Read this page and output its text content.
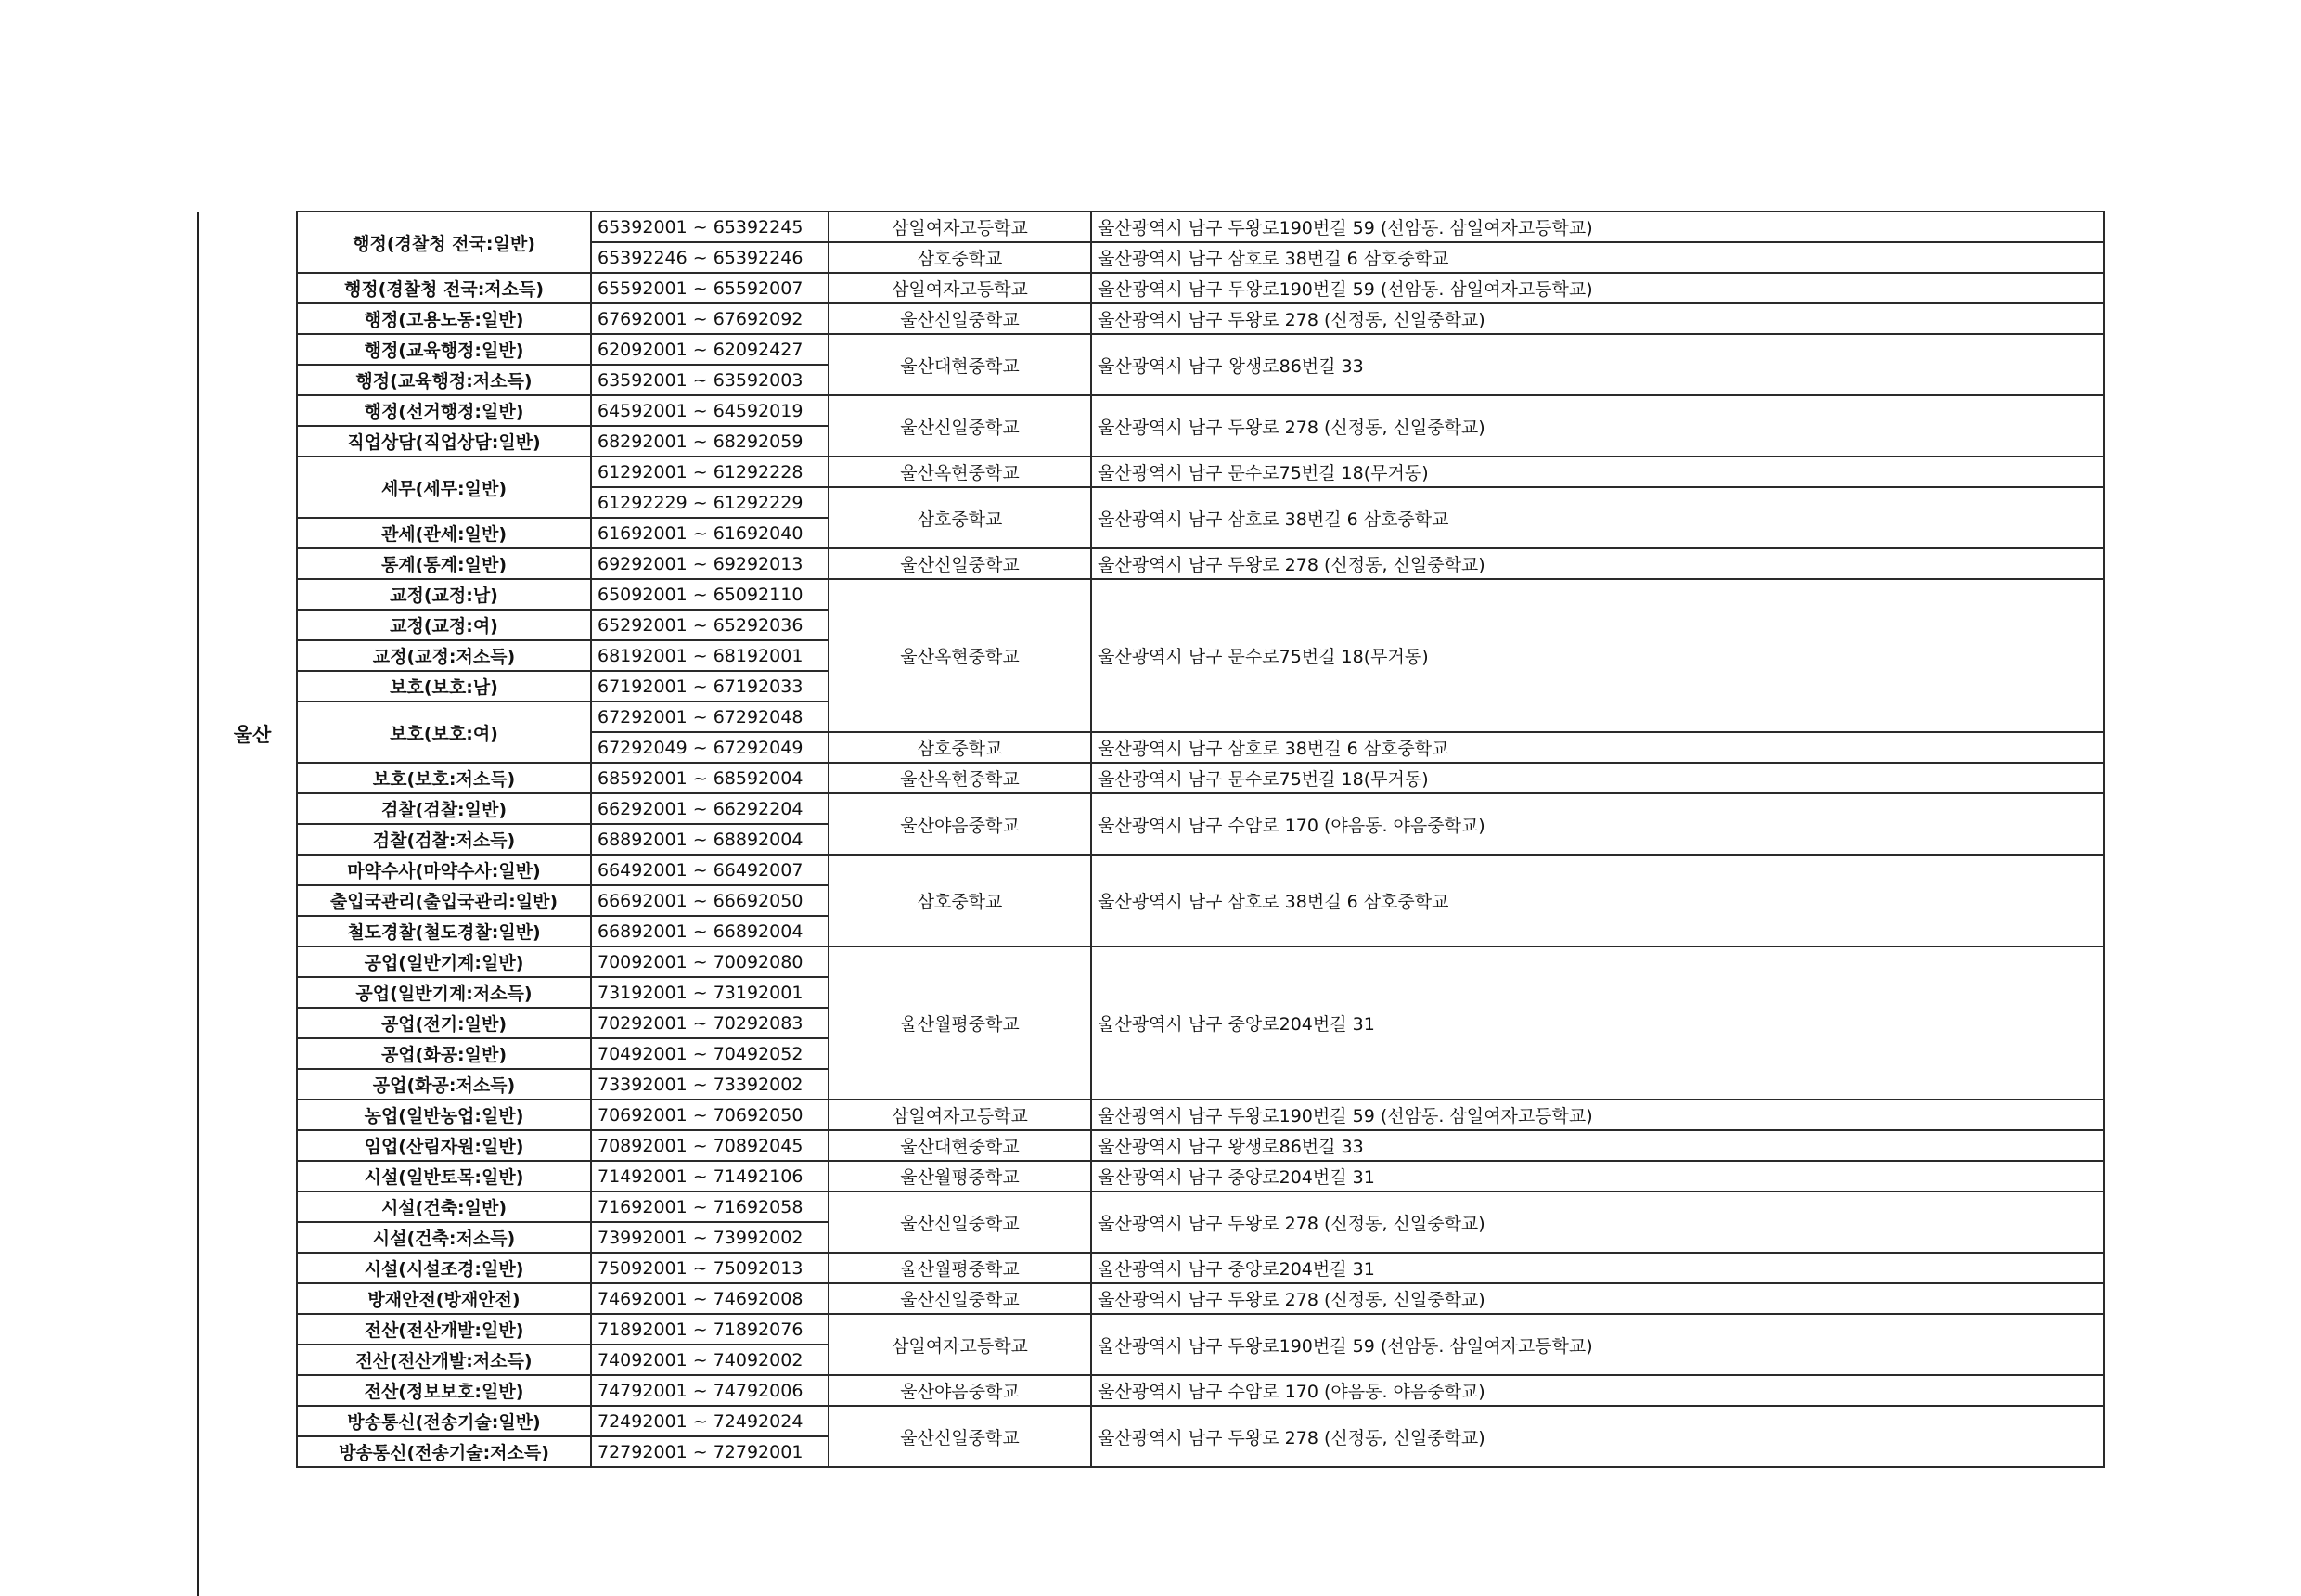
울산
행정(경찰청 전국:일반)	65392001 ~ 65392245	삼일여자고등학교	울산광역시 남구 두왕로190번길 59 (선암동. 삼일여자고등학교)
	65392246 ~ 65392246	삼호중학교	울산광역시 남구 삼호로 38번길 6 삼호중학교
행정(경찰청 전국:저소득)	65592001 ~ 65592007	삼일여자고등학교	울산광역시 남구 두왕로190번길 59 (선암동. 삼일여자고등학교)
행정(고용노동:일반)	67692001 ~ 67692092	울산신일중학교	울산광역시 남구 두왕로 278 (신정동, 신일중학교)
행정(교육행정:일반)	62092001 ~ 62092427	울산대현중학교	울산광역시 남구 왕생로86번길 33
행정(교육행정:저소득)	63592001 ~ 63592003		
행정(선거행정:일반)	64592001 ~ 64592019	울산신일중학교	울산광역시 남구 두왕로 278 (신정동, 신일중학교)
직업상담(직업상담:일반)	68292001 ~ 68292059		
세무(세무:일반)	61292001 ~ 61292228	울산옥현중학교	울산광역시 남구 문수로75번길 18(무거동)
	61292229 ~ 61292229	삼호중학교	울산광역시 남구 삼호로 38번길 6 삼호중학교
관세(관세:일반)	61692001 ~ 61692040		
통계(통계:일반)	69292001 ~ 69292013	울산신일중학교	울산광역시 남구 두왕로 278 (신정동, 신일중학교)
교정(교정:남)	65092001 ~ 65092110	울산옥현중학교	울산광역시 남구 문수로75번길 18(무거동)
교정(교정:여)	65292001 ~ 65292036		
교정(교정:저소득)	68192001 ~ 68192001		
보호(보호:남)	67192001 ~ 67192033		
보호(보호:여)	67292001 ~ 67292048		
	67292049 ~ 67292049	삼호중학교	울산광역시 남구 삼호로 38번길 6 삼호중학교
보호(보호:저소득)	68592001 ~ 68592004	울산옥현중학교	울산광역시 남구 문수로75번길 18(무거동)
검찰(검찰:일반)	66292001 ~ 66292204	울산야음중학교	울산광역시 남구 수암로 170 (야음동. 야음중학교)
검찰(검찰:저소득)	68892001 ~ 68892004		
마약수사(마약수사:일반)	66492001 ~ 66492007	삼호중학교	울산광역시 남구 삼호로 38번길 6 삼호중학교
출입국관리(출입국관리:일반)	66692001 ~ 66692050		
철도경찰(철도경찰:일반)	66892001 ~ 66892004		
공업(일반기계:일반)	70092001 ~ 70092080	울산월평중학교	울산광역시 남구 중앙로204번길 31
공업(일반기계:저소득)	73192001 ~ 73192001		
공업(전기:일반)	70292001 ~ 70292083		
공업(화공:일반)	70492001 ~ 70492052		
공업(화공:저소득)	73392001 ~ 73392002		
농업(일반농업:일반)	70692001 ~ 70692050	삼일여자고등학교	울산광역시 남구 두왕로190번길 59 (선암동. 삼일여자고등학교)
임업(산림자원:일반)	70892001 ~ 70892045	울산대현중학교	울산광역시 남구 왕생로86번길 33
시설(일반토목:일반)	71492001 ~ 71492106	울산월평중학교	울산광역시 남구 중앙로204번길 31
시설(건축:일반)	71692001 ~ 71692058	울산신일중학교	울산광역시 남구 두왕로 278 (신정동, 신일중학교)
시설(건축:저소득)	73992001 ~ 73992002		
시설(시설조경:일반)	75092001 ~ 75092013	울산월평중학교	울산광역시 남구 중앙로204번길 31
방재안전(방재안전)	74692001 ~ 74692008	울산신일중학교	울산광역시 남구 두왕로 278 (신정동, 신일중학교)
전산(전산개발:일반)	71892001 ~ 71892076	삼일여자고등학교	울산광역시 남구 두왕로190번길 59 (선암동. 삼일여자고등학교)
전산(전산개발:저소득)	74092001 ~ 74092002		
전산(정보보호:일반)	74792001 ~ 74792006	울산야음중학교	울산광역시 남구 수암로 170 (야음동. 야음중학교)
방송통신(전송기술:일반)	72492001 ~ 72492024	울산신일중학교	울산광역시 남구 두왕로 278 (신정동, 신일중학교)
방송통신(전송기술:저소득)	72792001 ~ 72792001		
